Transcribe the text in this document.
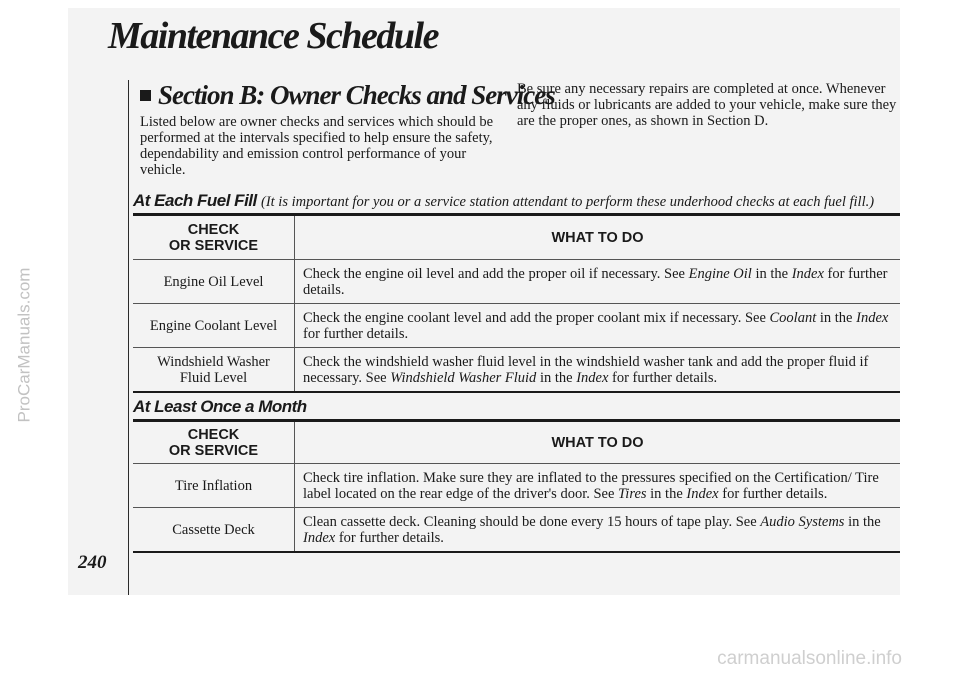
ProCarManuals.com
carmanualsonline.info
240
Maintenance Schedule
Section B: Owner Checks and Services

Listed below are owner checks and services which should be performed at the intervals specified to help ensure the safety, dependability and emission control performance of your vehicle.

Be sure any necessary repairs are completed at once. Whenever any fluids or lubricants are added to your vehicle, make sure they are the proper ones, as shown in Section D.

At Each Fuel Fill (It is important for you or a service station attendant to perform these underhood checks at each fuel fill.)
CHECK
OR SERVICE	WHAT TO DO
Engine Oil Level	Check the engine oil level and add the proper oil if necessary. See Engine Oil in the Index for further details.
Engine Coolant Level	Check the engine coolant level and add the proper coolant mix if necessary. See Coolant in the Index for further details.
Windshield Washer
Fluid Level	Check the windshield washer fluid level in the windshield washer tank and add the proper fluid if necessary. See Windshield Washer Fluid in the Index for further details.
At Least Once a Month
CHECK
OR SERVICE	WHAT TO DO
Tire Inflation	Check tire inflation. Make sure they are inflated to the pressures specified on the Certification/ Tire label located on the rear edge of the driver's door. See Tires in the Index for further details.
Cassette Deck	Clean cassette deck. Cleaning should be done every 15 hours of tape play. See Audio Systems in the Index for further details.
